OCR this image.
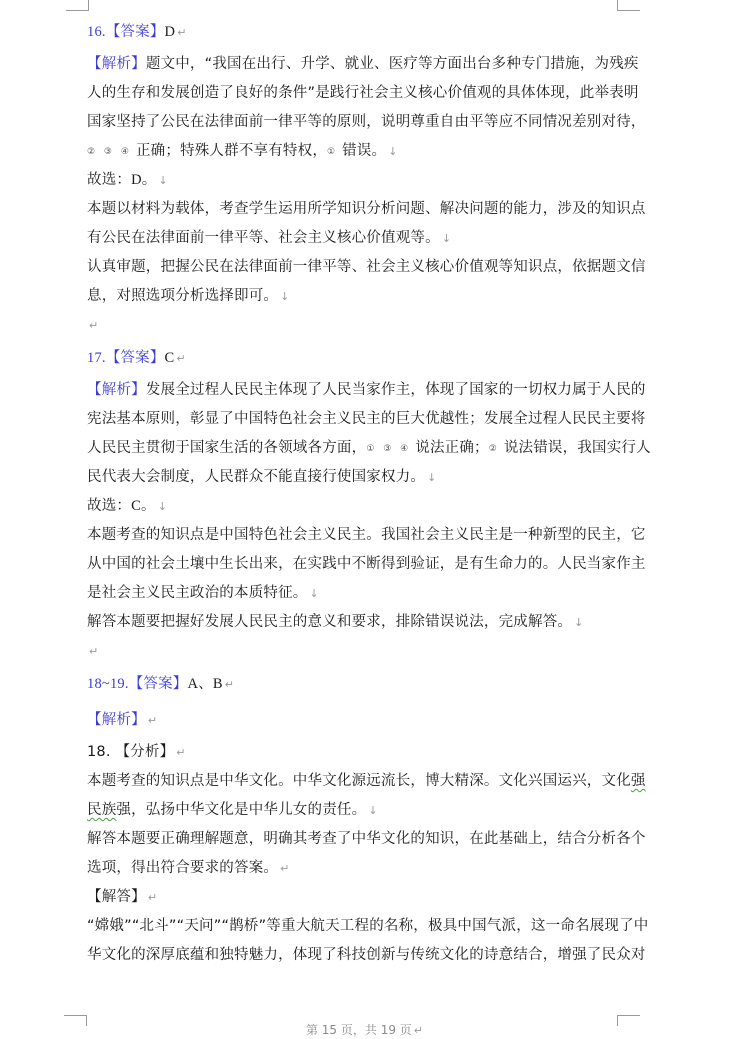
16.【答案】D ↵
【解析】题文中，“我国在出行、升学、就业、医疗等方面出台多种专门措施，为残疾
人的生存和发展创造了良好的条件”是践行社会主义核心价值观的具体体现，此举表明
国家坚持了公民在法律面前一律平等的原则，说明尊重自由平等应不同情况差别对待，
② ③ ④ 正确；特殊人群不享有特权，① 错误。 ↓
故选：D。 ↓
本题以材料为载体，考查学生运用所学知识分析问题、解决问题的能力，涉及的知识点
有公民在法律面前一律平等、社会主义核心价值观等。 ↓
认真审题，把握公民在法律面前一律平等、社会主义核心价值观等知识点，依据题文信
息，对照选项分析选择即可。 ↓
↵
17.【答案】C ↵
【解析】发展全过程人民民主体现了人民当家作主，体现了国家的一切权力属于人民的
宪法基本原则，彰显了中国特色社会主义民主的巨大优越性；发展全过程人民民主要将
人民民主贯彻于国家生活的各领域各方面，① ③ ④ 说法正确；② 说法错误，我国实行人
民代表大会制度，人民群众不能直接行使国家权力。 ↓
故选：C。 ↓
本题考查的知识点是中国特色社会主义民主。我国社会主义民主是一种新型的民主，它
从中国的社会土壤中生长出来，在实践中不断得到验证，是有生命力的。人民当家作主
是社会主义民主政治的本质特征。 ↓
解答本题要把握好发展人民民主的意义和要求，排除错误说法，完成解答。 ↓
↵
18~19.【答案】A、B ↵
【解析】 ↵
18. 【分析】 ↵
本题考查的知识点是中华文化。中华文化源远流长，博大精深。文化兴国运兴，文化强
民族强，弘扬中华文化是中华儿女的责任。 ↓
解答本题要正确理解题意，明确其考查了中华文化的知识，在此基础上，结合分析各个
选项，得出符合要求的答案。 ↵
【解答】 ↵
“嫦娥”“北斗”“天问”“鹊桥”等重大航天工程的名称，极具中国气派，这一命名展现了中
华文化的深厚底蕴和独特魅力，体现了科技创新与传统文化的诗意结合，增强了民众对
第 15 页，共 19 页 ↵
